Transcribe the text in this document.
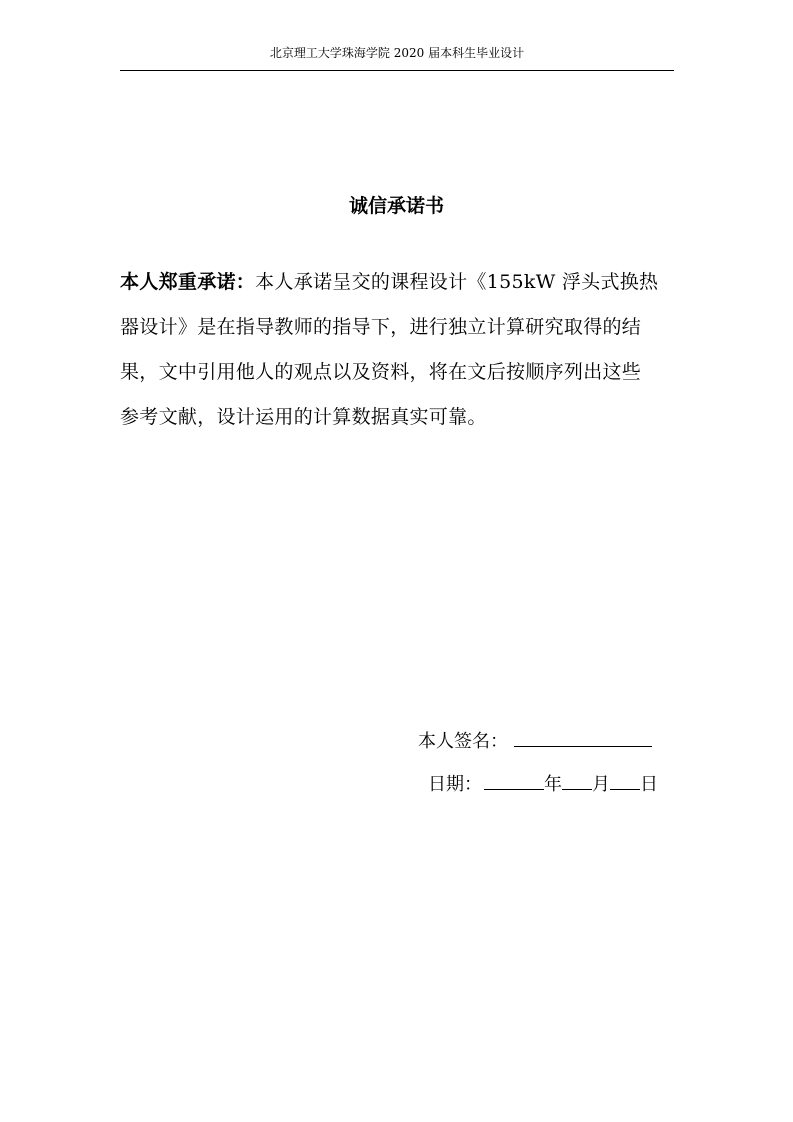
北京理工大学珠海学院 2020 届本科生毕业设计
诚信承诺书
本人郑重承诺：本人承诺呈交的课程设计《155kW 浮头式换热器设计》是在指导教师的指导下，进行独立计算研究取得的结果，文中引用他人的观点以及资料，将在文后按顺序列出这些参考文献，设计运用的计算数据真实可靠。
本人签名：
日期：	年 月 日
